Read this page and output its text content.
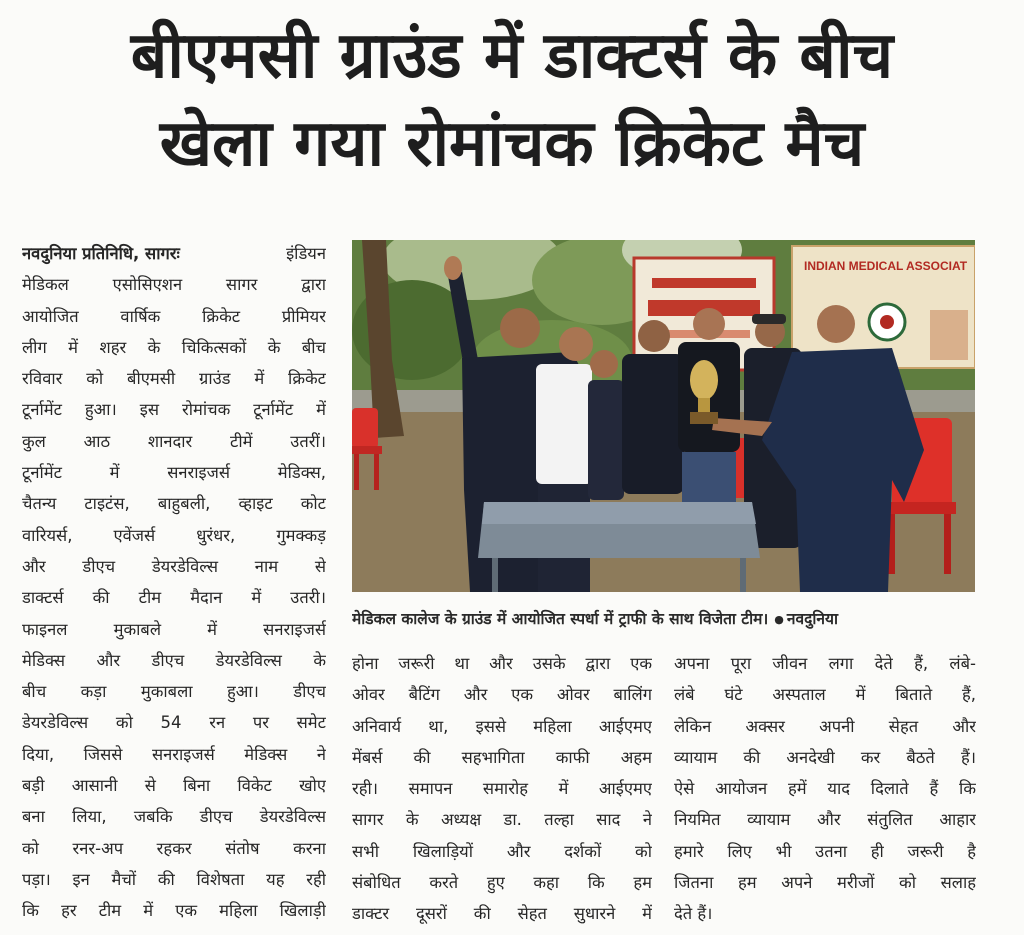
बीएमसी ग्राउंड में डाक्टर्स के बीच
खेला गया रोमांचक क्रिकेट मैच
नवदुनिया प्रतिनिधि, सागरः	इंडियन
मेडिकल एसोसिएशन सागर द्वारा
आयोजित वार्षिक क्रिकेट प्रीमियर
लीग में शहर के चिकित्सकों के बीच
रविवार को बीएमसी ग्राउंड में क्रिकेट
टूर्नामेंट हुआ। इस रोमांचक टूर्नामेंट में
कुल आठ शानदार टीमें उतरीं।
टूर्नामेंट में सनराइजर्स मेडिक्स,
चैतन्य टाइटंस, बाहुबली, व्हाइट कोट
वारियर्स, एवेंजर्स धुरंधर, गुमक्कड़
और डीएच डेयरडेविल्स नाम से
डाक्टर्स की टीम मैदान में उतरी।
फाइनल मुकाबले में सनराइजर्स
मेडिक्स और डीएच डेयरडेविल्स के
बीच कड़ा मुकाबला हुआ। डीएच
डेयरडेविल्स को 54 रन पर समेट
दिया, जिससे सनराइजर्स मेडिक्स ने
बड़ी आसानी से बिना विकेट खोए
बना लिया, जबकि डीएच डेयरडेविल्स
को रनर-अप रहकर संतोष करना
पड़ा। इन मैचों की विशेषता यह रही
कि हर टीम में एक महिला खिलाड़ी
INDIAN MEDICAL ASSOCIAT
मेडिकल कालेज के ग्राउंड में आयोजित स्पर्धा में ट्राफी के साथ विजेता टीम। ● नवदुनिया
होना जरूरी था और उसके द्वारा एक
ओवर बैटिंग और एक ओवर बालिंग
अनिवार्य था, इससे महिला आईएमए
मेंबर्स की सहभागिता काफी अहम
रही। समापन समारोह में आईएमए
सागर के अध्यक्ष डा. तल्हा साद ने
सभी खिलाड़ियों और दर्शकों को
संबोधित करते हुए कहा कि हम
डाक्टर दूसरों की सेहत सुधारने में
अपना पूरा जीवन लगा देते हैं, लंबे-
लंबे घंटे अस्पताल में बिताते हैं,
लेकिन अक्सर अपनी सेहत और
व्यायाम की अनदेखी कर बैठते हैं।
ऐसे आयोजन हमें याद दिलाते हैं कि
नियमित व्यायाम और संतुलित आहार
हमारे लिए भी उतना ही जरूरी है
जितना हम अपने मरीजों को सलाह
देते हैं।
